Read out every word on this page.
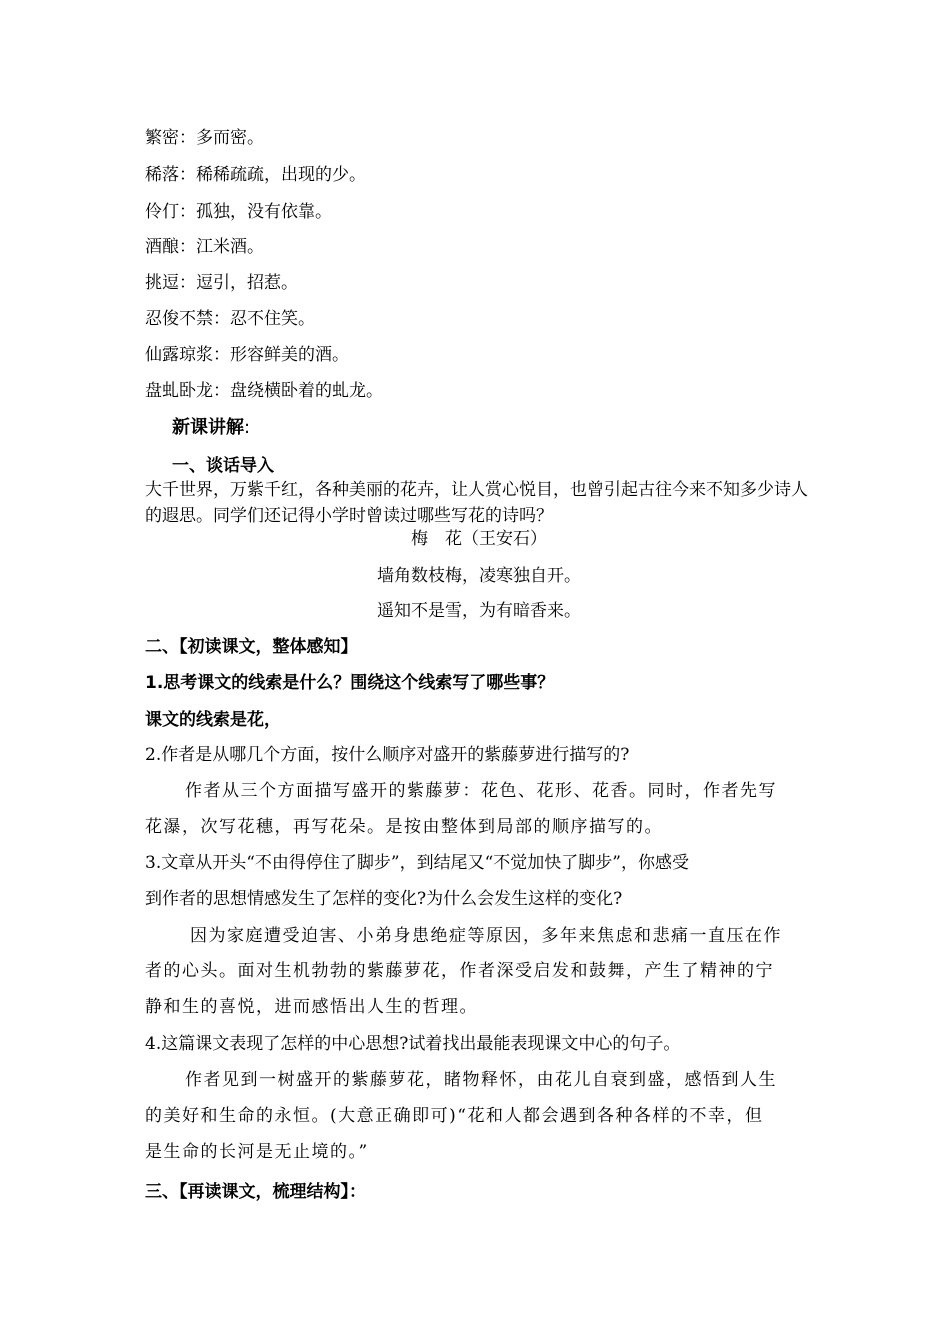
繁密：多而密。
稀落：稀稀疏疏，出现的少。
伶仃：孤独，没有依靠。
酒酿：江米酒。
挑逗：逗引，招惹。
忍俊不禁：忍不住笑。
仙露琼浆：形容鲜美的酒。
盘虬卧龙：盘绕横卧着的虬龙。
新课讲解:
一、谈话导入
大千世界，万紫千红，各种美丽的花卉，让人赏心悦目，也曾引起古往今来不知多少诗人的遐思。同学们还记得小学时曾读过哪些写花的诗吗？
梅　花（王安石）
墙角数枝梅，凌寒独自开。
遥知不是雪，为有暗香来。
二、【初读课文，整体感知】
1.思考课文的线索是什么？围绕这个线索写了哪些事？
课文的线索是花，
2.作者是从哪几个方面，按什么顺序对盛开的紫藤萝进行描写的?
作者从三个方面描写盛开的紫藤萝：花色、花形、花香。同时，作者先写
花瀑，次写花穗，再写花朵。是按由整体到局部的顺序描写的。
3.文章从开头“不由得停住了脚步”，到结尾又“不觉加快了脚步”，你感受
到作者的思想情感发生了怎样的变化?为什么会发生这样的变化?
因为家庭遭受迫害、小弟身患绝症等原因，多年来焦虑和悲痛一直压在作
者的心头。面对生机勃勃的紫藤萝花，作者深受启发和鼓舞，产生了精神的宁
静和生的喜悦，进而感悟出人生的哲理。
4.这篇课文表现了怎样的中心思想?试着找出最能表现课文中心的句子。
作者见到一树盛开的紫藤萝花，睹物释怀，由花儿自衰到盛，感悟到人生
的美好和生命的永恒。(大意正确即可)“花和人都会遇到各种各样的不幸，但
是生命的长河是无止境的。”
三、【再读课文，梳理结构】：
